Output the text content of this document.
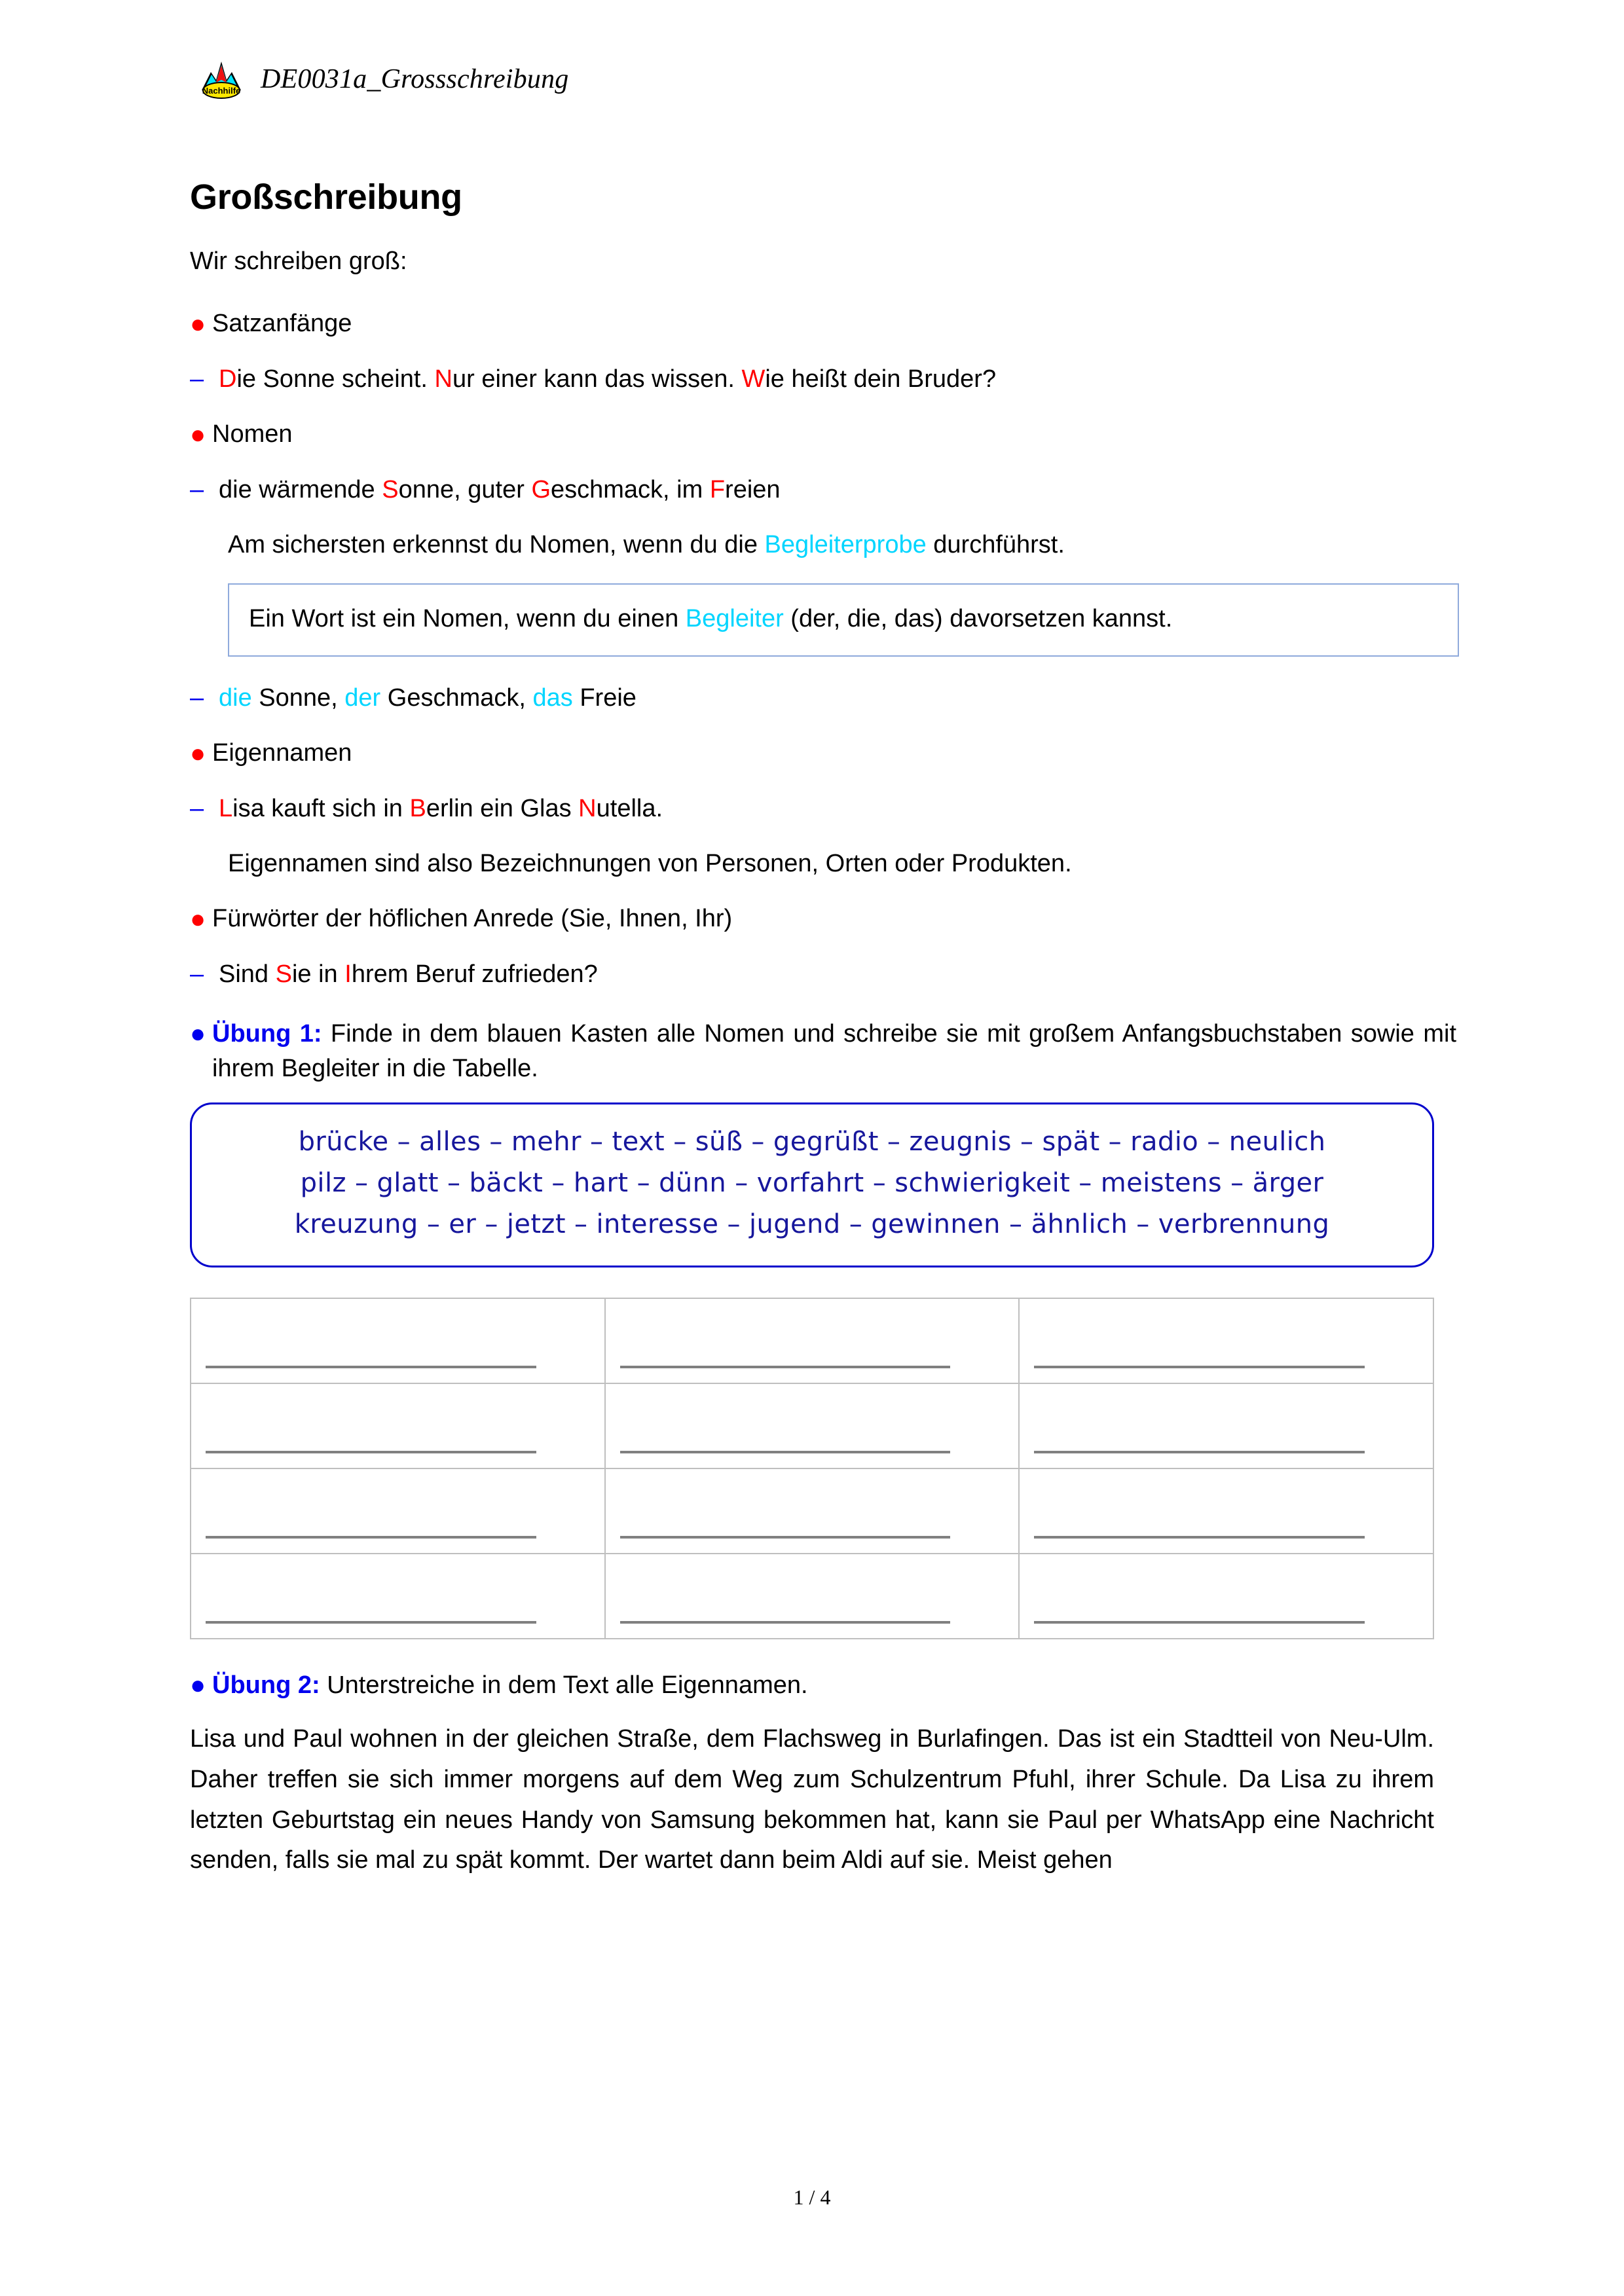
Nachhilfe DE0031a_Grossschreibung
Großschreibung

Wir schreiben groß:

● Satzanfänge
– Die Sonne scheint. Nur einer kann das wissen. Wie heißt dein Bruder?
● Nomen
– die wärmende Sonne, guter Geschmack, im Freien

Am sichersten erkennst du Nomen, wenn du die Begleiterprobe durchführst.

Ein Wort ist ein Nomen, wenn du einen Begleiter (der, die, das) davorsetzen kannst.
– die Sonne, der Geschmack, das Freie
● Eigennamen
– Lisa kauft sich in Berlin ein Glas Nutella.

Eigennamen sind also Bezeichnungen von Personen, Orten oder Produkten.

● Fürwörter der höflichen Anrede (Sie, Ihnen, Ihr)
– Sind Sie in Ihrem Beruf zufrieden?
● Übung 1: Finde in dem blauen Kasten alle Nomen und schreibe sie mit großem Anfangsbuchstaben sowie mit ihrem Begleiter in die Tabelle.
brücke – alles – mehr – text – süß – gegrüßt – zeugnis – spät – radio – neulich
pilz – glatt – bäckt – hart – dünn – vorfahrt – schwierigkeit – meistens – ärger
kreuzung – er – jetzt – interesse – jugend – gewinnen – ähnlich – verbrennung

● Übung 2: Unterstreiche in dem Text alle Eigennamen.

Lisa und Paul wohnen in der gleichen Straße, dem Flachsweg in Burlafingen. Das ist ein Stadtteil von Neu-Ulm. Daher treffen sie sich immer morgens auf dem Weg zum Schulzentrum Pfuhl, ihrer Schule. Da Lisa zu ihrem letzten Geburtstag ein neues Handy von Samsung bekommen hat, kann sie Paul per WhatsApp eine Nachricht senden, falls sie mal zu spät kommt. Der wartet dann beim Aldi auf sie. Meist gehen

1 / 4
